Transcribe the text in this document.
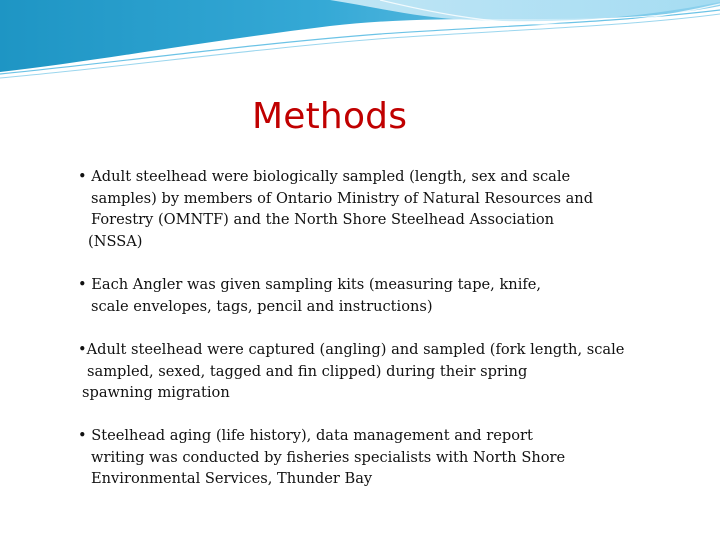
Methods

• Adult steelhead were biologically sampled (length, sex and scale
samples) by members of Ontario Ministry of Natural Resources and
Forestry (OMNTF) and the North Shore Steelhead Association
(NSSA)

• Each Angler was given sampling kits (measuring tape, knife,
scale envelopes, tags, pencil and instructions)

•Adult steelhead were captured (angling) and sampled (fork length, scale
sampled, sexed, tagged and fin clipped) during their spring
spawning migration

• Steelhead aging (life history), data management and report
writing was conducted by fisheries specialists with North Shore
Environmental Services, Thunder Bay
